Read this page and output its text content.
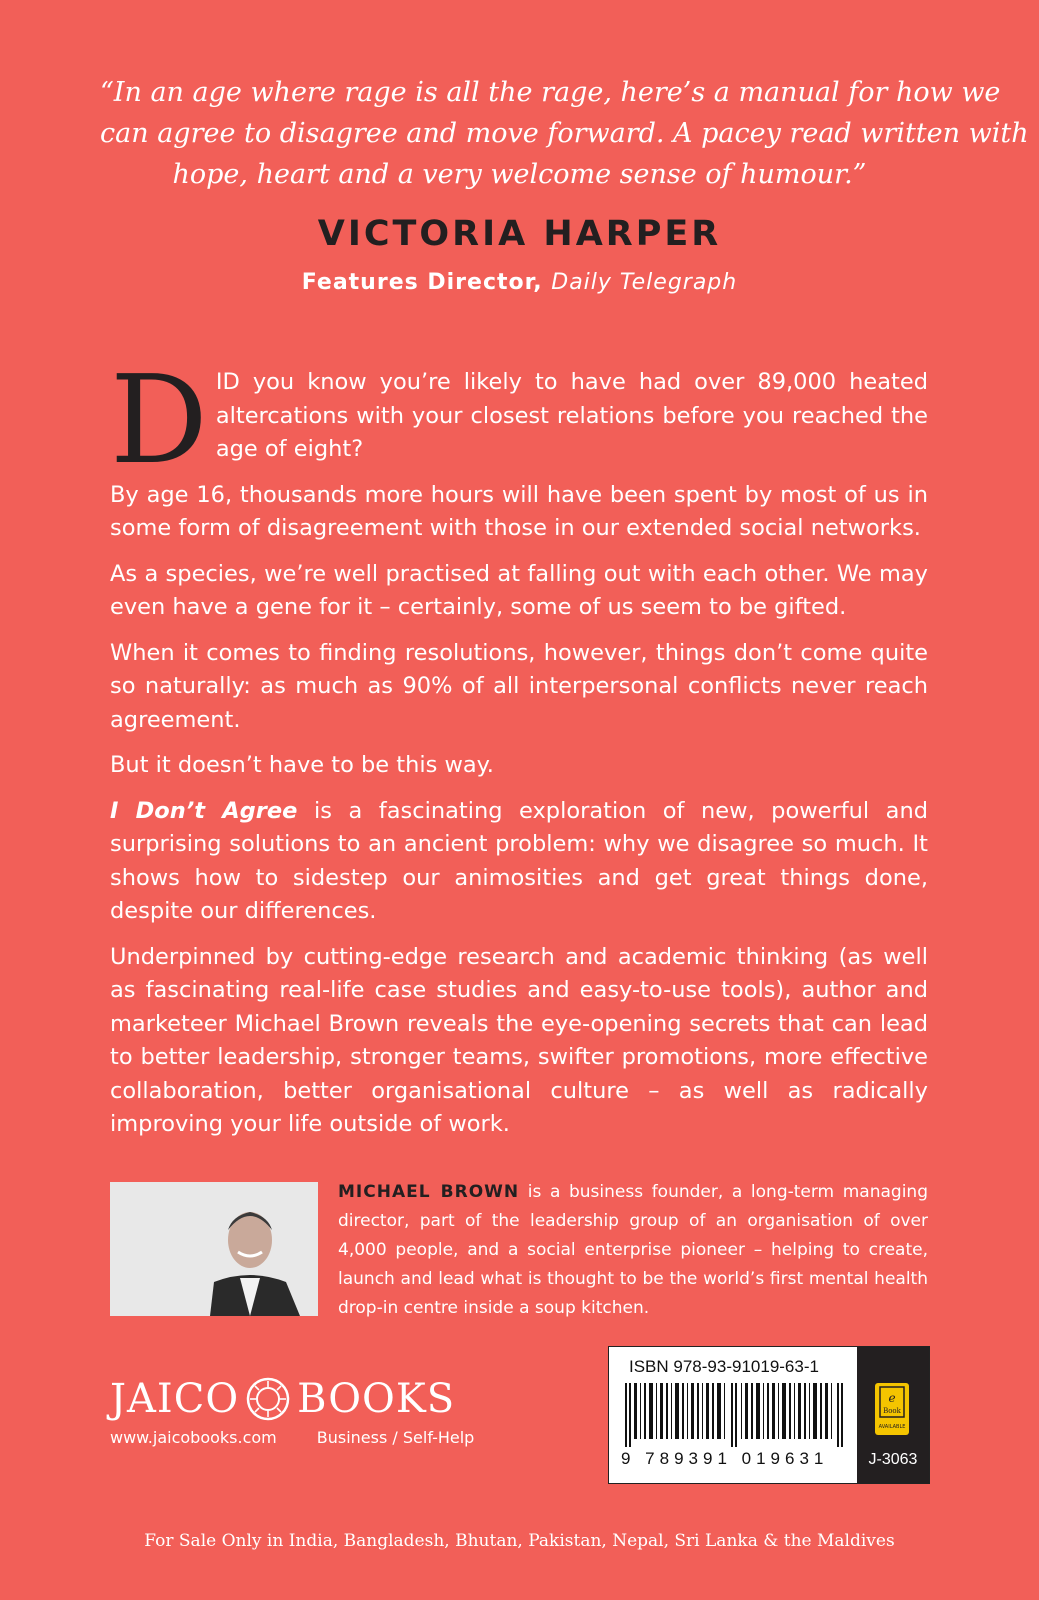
“In an age where rage is all the rage, here’s a manual for how we
can agree to disagree and move forward. A pacey read written with
hope, heart and a very welcome sense of humour.”
VICTORIA HARPER
Features Director, Daily Telegraph

DID you know you’re likely to have had over 89,000 heated altercations with your closest relations before you reached the age of eight?

By age 16, thousands more hours will have been spent by most of us in some form of disagreement with those in our extended social networks.

As a species, we’re well practised at falling out with each other. We may even have a gene for it – certainly, some of us seem to be gifted.

When it comes to finding resolutions, however, things don’t come quite so naturally: as much as 90% of all interpersonal conflicts never reach agreement.

But it doesn’t have to be this way.

I Don’t Agree is a fascinating exploration of new, powerful and surprising solutions to an ancient problem: why we disagree so much. It shows how to sidestep our animosities and get great things done, despite our differences.

Underpinned by cutting-edge research and academic thinking (as well as fascinating real-life case studies and easy-to-use tools), author and marketeer Michael Brown reveals the eye-opening secrets that can lead to better leadership, stronger teams, swifter promotions, more effective collaboration, better organisational culture – as well as radically improving your life outside of work.

MICHAEL BROWN is a business founder, a long-term managing director, part of the leadership group of an organisation of over 4,000 people, and a social enterprise pioneer – helping to create, launch and lead what is thought to be the world’s first mental health drop-in centre inside a soup kitchen.
JAICO BOOKS
www.jaicobooks.com	Business / Self-Help
ISBN 978-93-91019-63-1
9 789391 019631
e
Book
AVAILABLE
J-3063
For Sale Only in India, Bangladesh, Bhutan, Pakistan, Nepal, Sri Lanka & the Maldives
